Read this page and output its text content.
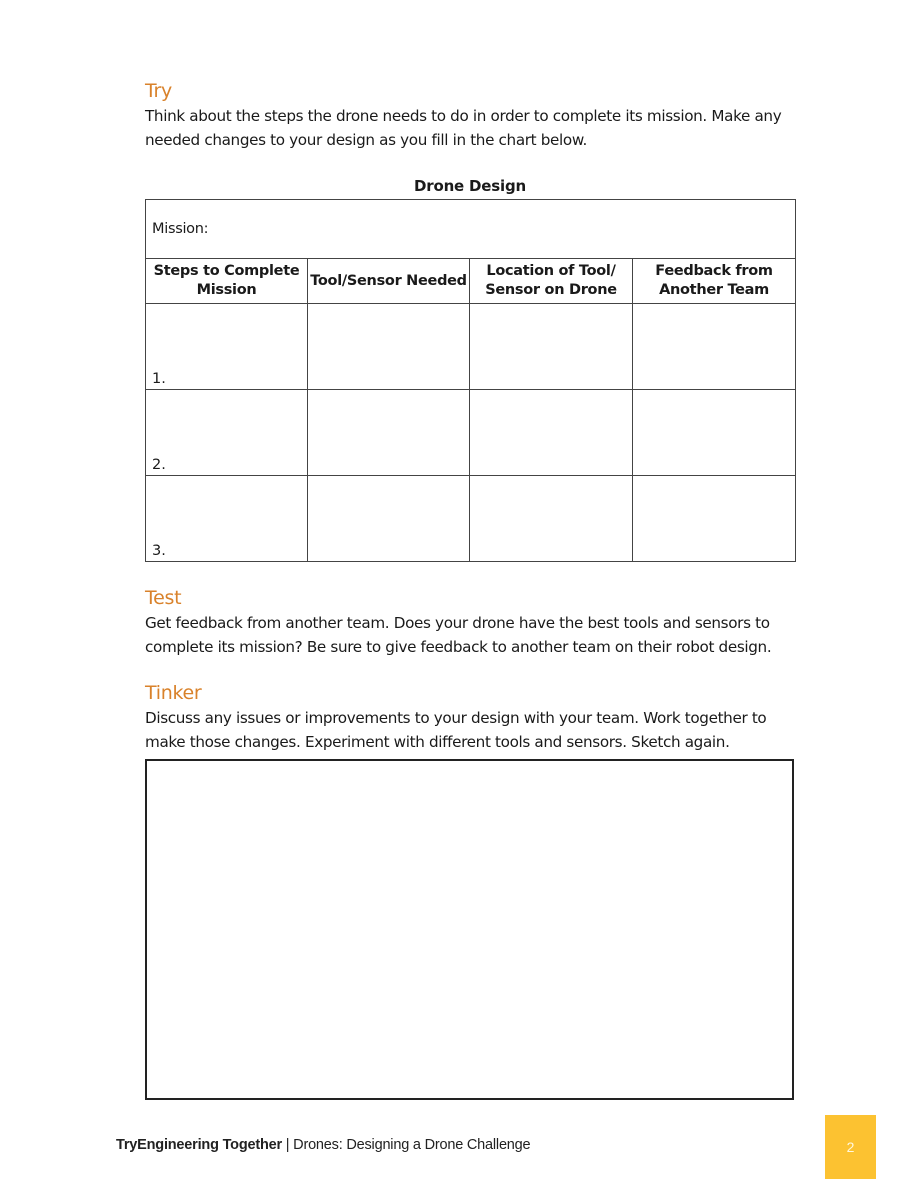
Try

Think about the steps the drone needs to do in order to complete its mission. Make any needed changes to your design as you fill in the chart below.

Drone Design
Mission:			
Steps to Complete Mission	Tool/Sensor Needed	Location of Tool/ Sensor on Drone	Feedback from Another Team

1.			

2.			

3.			

Test

Get feedback from another team. Does your drone have the best tools and sensors to complete its mission? Be sure to give feedback to another team on their robot design.

Tinker

Discuss any issues or improvements to your design with your team. Work together to make those changes. Experiment with different tools and sensors. Sketch again.

TryEngineering Together | Drones: Designing a Drone Challenge	2
